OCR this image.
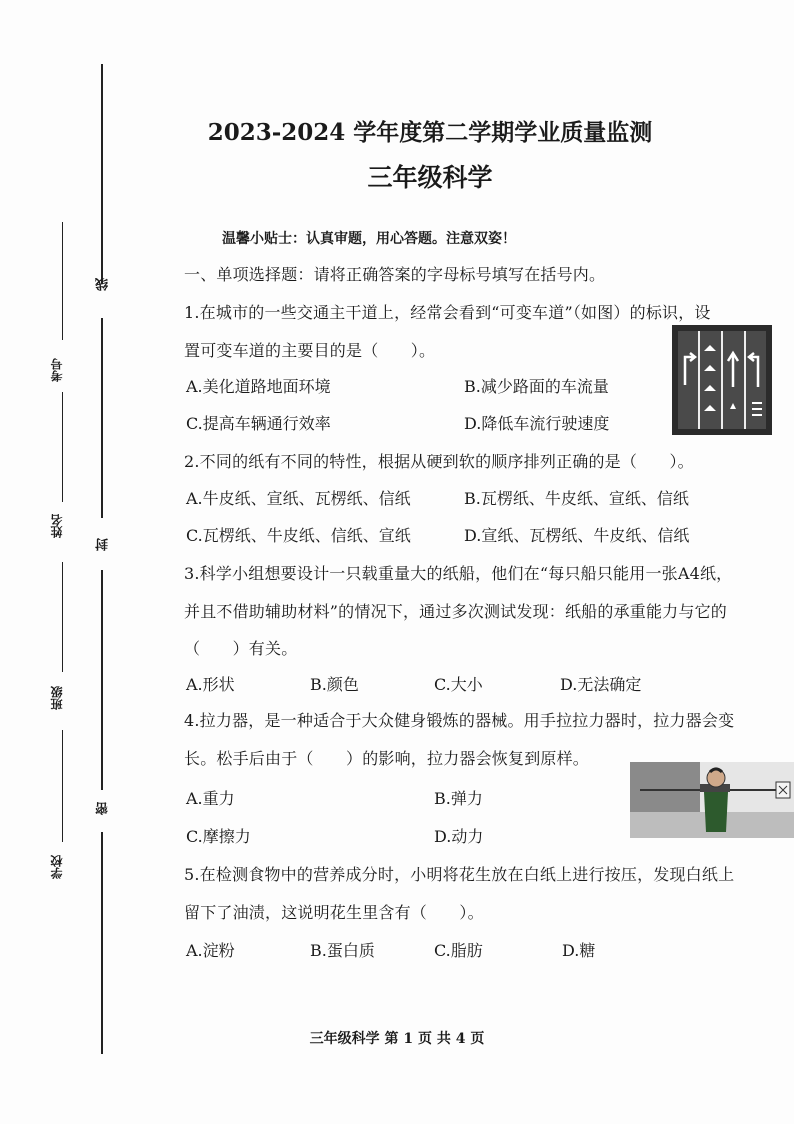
线
封
密
考号
姓名
班级
学校
2023-2024 学年度第二学期学业质量监测
三年级科学
温馨小贴士：认真审题，用心答题。注意双姿！
一、单项选择题：请将正确答案的字母标号填写在括号内。
1.在城市的一些交通主干道上，经常会看到“可变车道”（如图）的标识，设
置可变车道的主要目的是（　　）。
A.美化道路地面环境	B.减少路面的车流量
C.提高车辆通行效率	D.降低车流行驶速度
2.不同的纸有不同的特性，根据从硬到软的顺序排列正确的是（　　）。
A.牛皮纸、宣纸、瓦楞纸、信纸	B.瓦楞纸、牛皮纸、宣纸、信纸
C.瓦楞纸、牛皮纸、信纸、宣纸	D.宣纸、瓦楞纸、牛皮纸、信纸
3.科学小组想要设计一只载重量大的纸船，他们在“每只船只能用一张A4纸，
并且不借助辅助材料”的情况下，通过多次测试发现：纸船的承重能力与它的
（　　）有关。
A.形状	B.颜色	C.大小	D.无法确定
4.拉力器，是一种适合于大众健身锻炼的器械。用手拉拉力器时，拉力器会变
长。松手后由于（　　）的影响，拉力器会恢复到原样。
A.重力	B.弹力
C.摩擦力	D.动力
5.在检测食物中的营养成分时，小明将花生放在白纸上进行按压，发现白纸上
留下了油渍，这说明花生里含有（　　）。
A.淀粉	B.蛋白质	C.脂肪	D.糖
三年级科学 第 1 页 共 4 页
